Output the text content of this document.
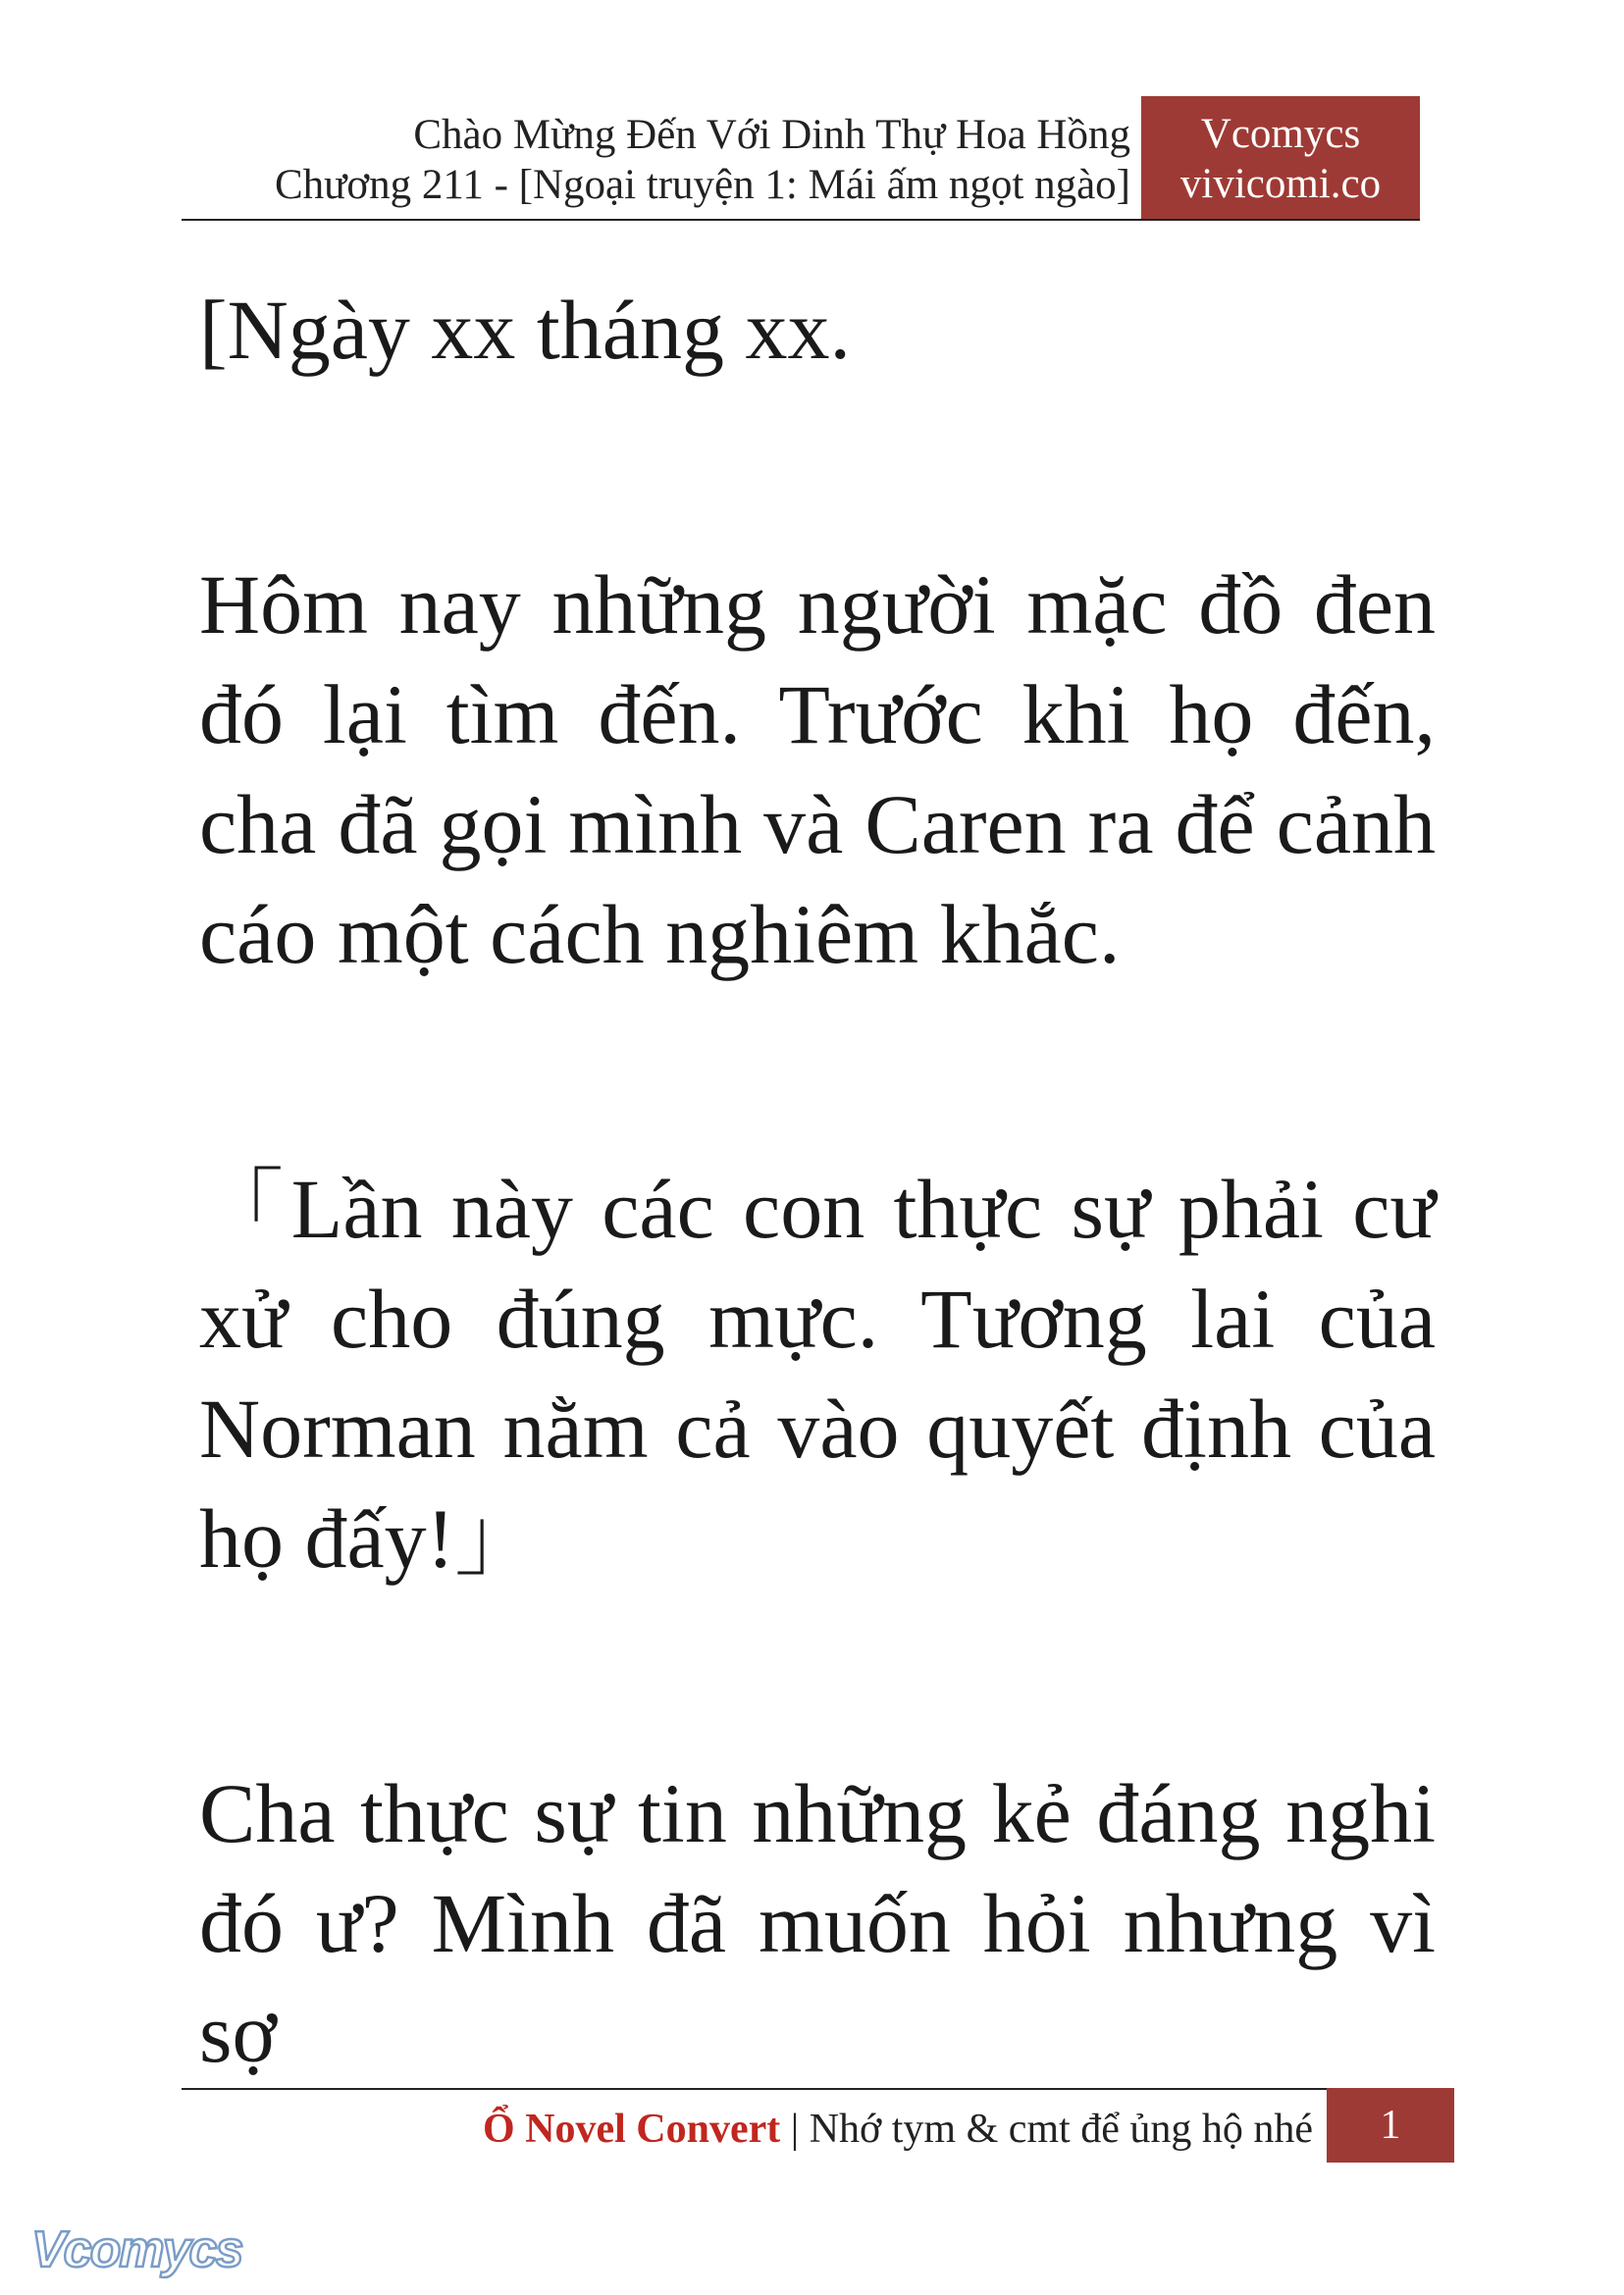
Chào Mừng Đến Với Dinh Thự Hoa Hồng
Chương 211 - [Ngoại truyện 1: Mái ấm ngọt ngào]
Vcomycs
vivicomi.co

[Ngày xx tháng xx.

Hôm nay những người mặc đồ đen đó lại tìm đến. Trước khi họ đến, cha đã gọi mình và Caren ra để cảnh cáo một cách nghiêm khắc.

「Lần này các con thực sự phải cư xử cho đúng mực. Tương lai của Norman nằm cả vào quyết định của họ đấy!」

Cha thực sự tin những kẻ đáng nghi đó ư? Mình đã muốn hỏi nhưng vì sợ

Ổ Novel Convert | Nhớ tym & cmt để ủng hộ nhé	1
Vcomycs
